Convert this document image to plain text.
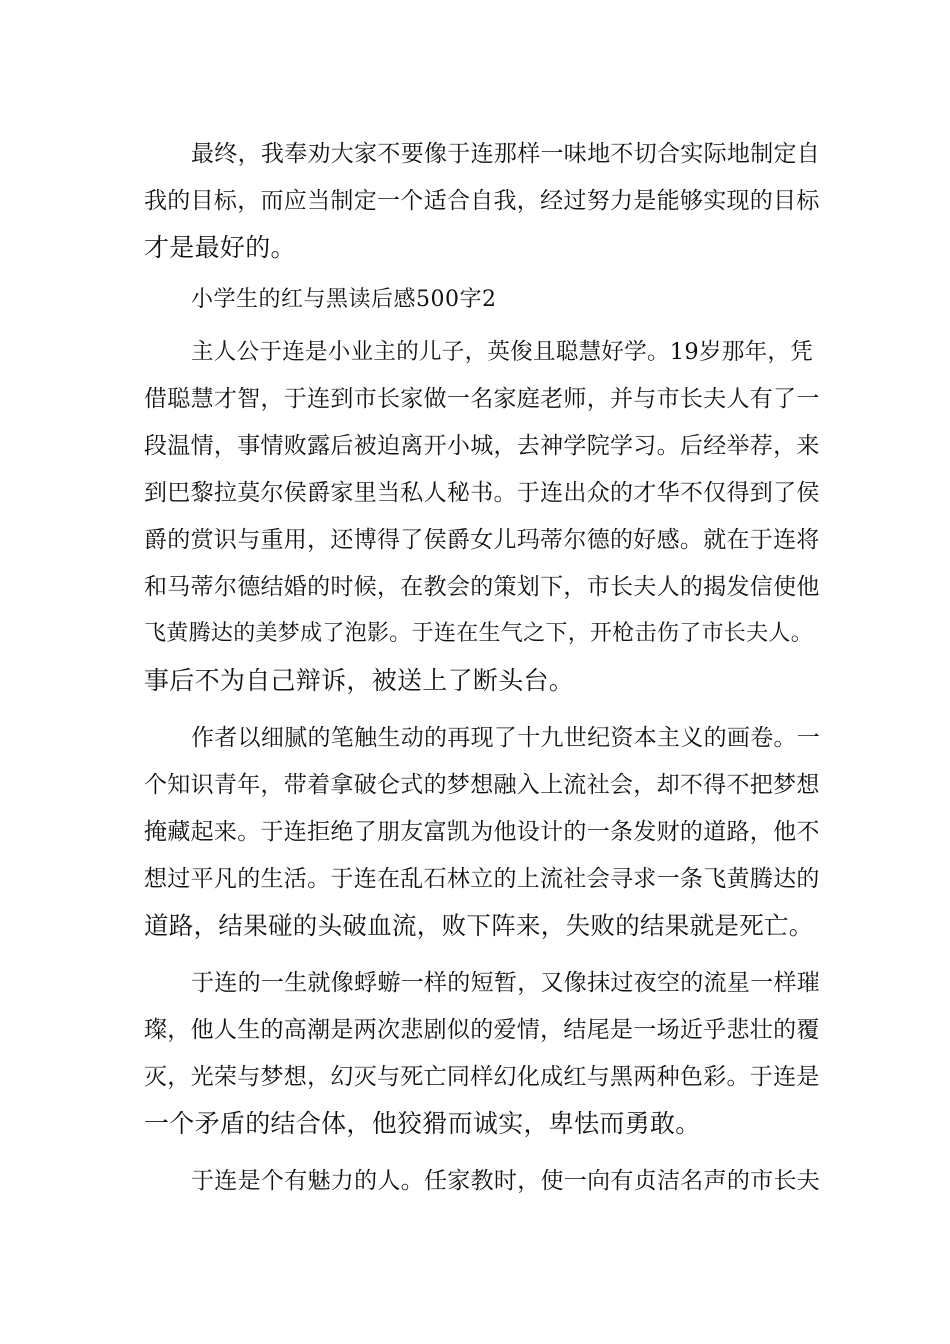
最终，我奉劝大家不要像于连那样一味地不切合实际地制定自
我的目标，而应当制定一个适合自我，经过努力是能够实现的目标
才是最好的。
小学生的红与黑读后感500字2
主人公于连是小业主的儿子，英俊且聪慧好学。19岁那年，凭
借聪慧才智，于连到市长家做一名家庭老师，并与市长夫人有了一
段温情，事情败露后被迫离开小城，去神学院学习。后经举荐，来
到巴黎拉莫尔侯爵家里当私人秘书。于连出众的才华不仅得到了侯
爵的赏识与重用，还博得了侯爵女儿玛蒂尔德的好感。就在于连将
和马蒂尔德结婚的时候，在教会的策划下，市长夫人的揭发信使他
飞黄腾达的美梦成了泡影。于连在生气之下，开枪击伤了市长夫人。
事后不为自己辩诉，被送上了断头台。
作者以细腻的笔触生动的再现了十九世纪资本主义的画卷。一
个知识青年，带着拿破仑式的梦想融入上流社会，却不得不把梦想
掩藏起来。于连拒绝了朋友富凯为他设计的一条发财的道路，他不
想过平凡的生活。于连在乱石林立的上流社会寻求一条飞黄腾达的
道路，结果碰的头破血流，败下阵来，失败的结果就是死亡。
于连的一生就像蜉蝣一样的短暂，又像抹过夜空的流星一样璀
璨，他人生的高潮是两次悲剧似的爱情，结尾是一场近乎悲壮的覆
灭，光荣与梦想，幻灭与死亡同样幻化成红与黑两种色彩。于连是
一个矛盾的结合体，他狡猾而诚实，卑怯而勇敢。
于连是个有魅力的人。任家教时，使一向有贞洁名声的市长夫
